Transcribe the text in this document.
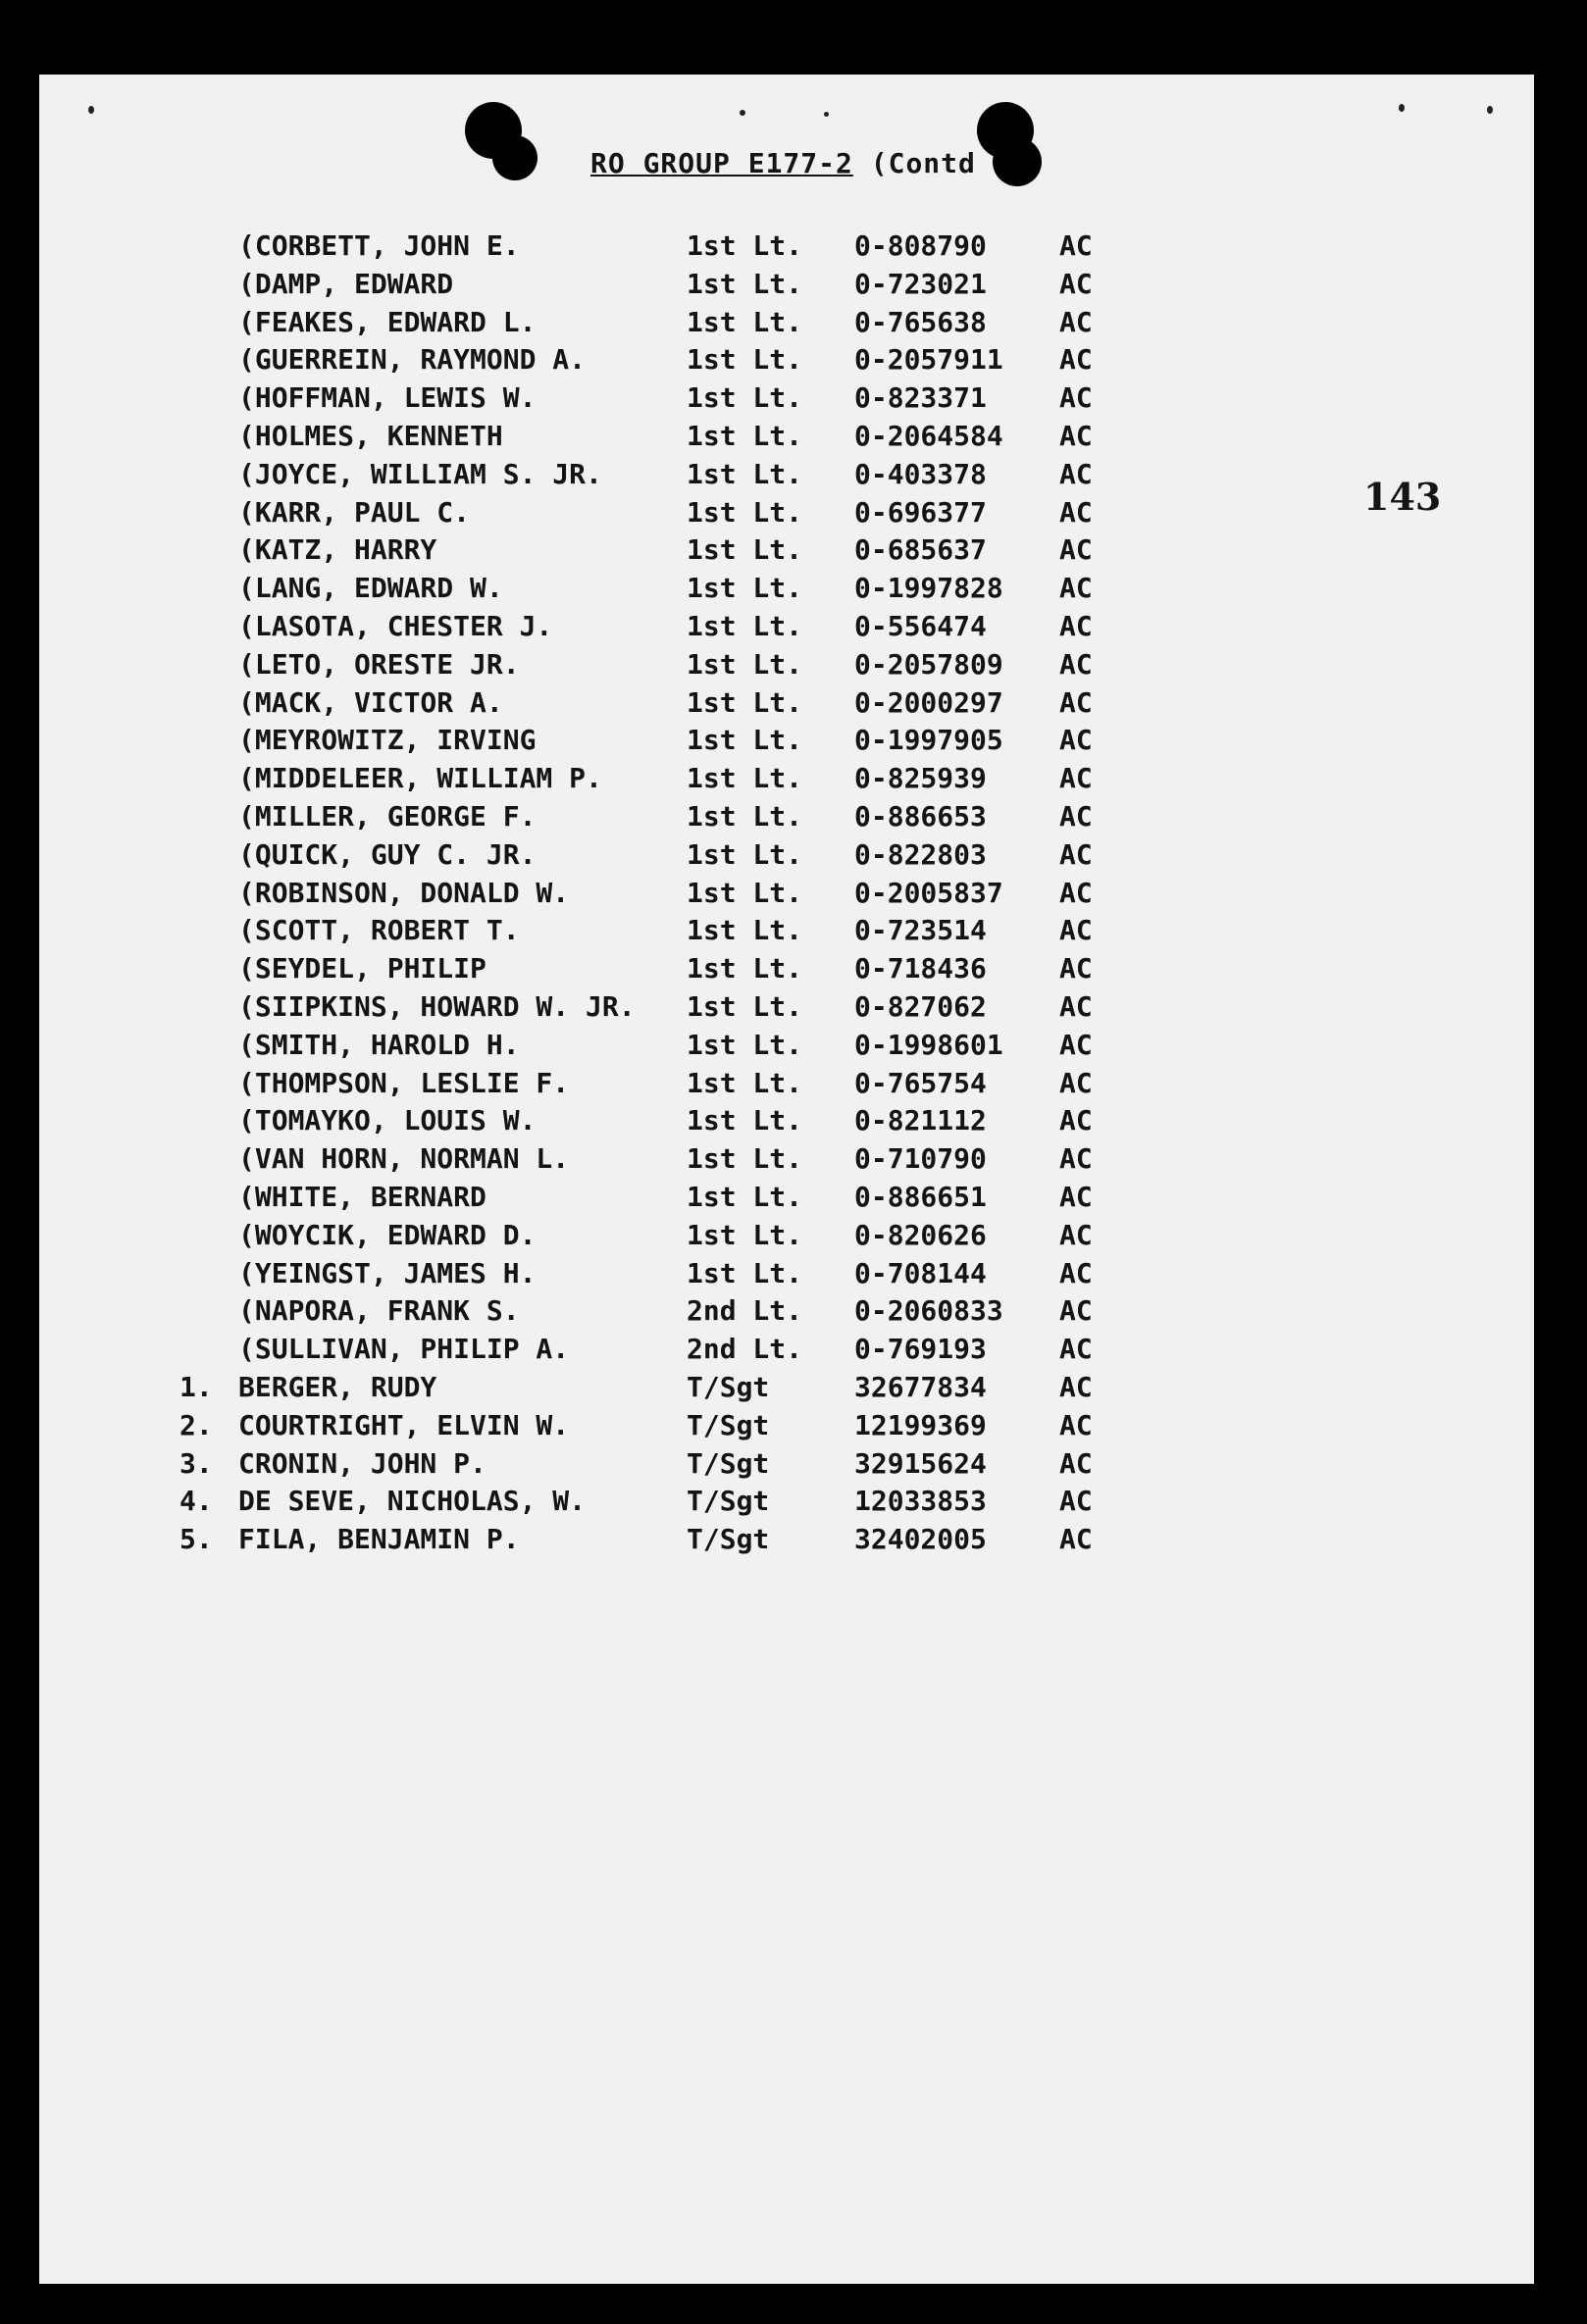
RO GROUP E177-2 (Contd
143
(CORBETT, JOHN E.	1st Lt. 0-808790	AC
(DAMP, EDWARD	1st Lt. 0-723021	AC
(FEAKES, EDWARD L.	1st Lt. 0-765638	AC
(GUERREIN, RAYMOND A.	1st Lt. 0-2057911 AC
(HOFFMAN, LEWIS W.	1st Lt. 0-823371	AC
(HOLMES, KENNETH	1st Lt. 0-2064584 AC
(JOYCE, WILLIAM S. JR.	1st Lt. 0-403378	AC
(KARR, PAUL C.	1st Lt. 0-696377	AC
(KATZ, HARRY	1st Lt. 0-685637	AC
(LANG, EDWARD W.	1st Lt. 0-1997828 AC
(LASOTA, CHESTER J.	1st Lt. 0-556474	AC
(LETO, ORESTE JR.	1st Lt. 0-2057809 AC
(MACK, VICTOR A.	1st Lt. 0-2000297 AC
(MEYROWITZ, IRVING	1st Lt. 0-1997905 AC
(MIDDELEER, WILLIAM P.	1st Lt. 0-825939	AC
(MILLER, GEORGE F.	1st Lt. 0-886653	AC
(QUICK, GUY C. JR.	1st Lt. 0-822803	AC
(ROBINSON, DONALD W.	1st Lt. 0-2005837 AC
(SCOTT, ROBERT T.	1st Lt. 0-723514	AC
(SEYDEL, PHILIP	1st Lt. 0-718436	AC
(SIIPKINS, HOWARD W. JR. 1st Lt. 0-827062	AC
(SMITH, HAROLD H.	1st Lt. 0-1998601 AC
(THOMPSON, LESLIE F.	1st Lt. 0-765754	AC
(TOMAYKO, LOUIS W.	1st Lt. 0-821112	AC
(VAN HORN, NORMAN L.	1st Lt. 0-710790	AC
(WHITE, BERNARD	1st Lt. 0-886651	AC
(WOYCIK, EDWARD D.	1st Lt. 0-820626	AC
(YEINGST, JAMES H.	1st Lt. 0-708144	AC
(NAPORA, FRANK S.	2nd Lt. 0-2060833 AC
(SULLIVAN, PHILIP A.	2nd Lt. 0-769193	AC
1. BERGER, RUDY	T/Sgt	32677834	AC
2. COURTRIGHT, ELVIN W.	T/Sgt	12199369	AC
3. CRONIN, JOHN P.	T/Sgt	32915624	AC
4. DE SEVE, NICHOLAS, W.	T/Sgt	12033853	AC
5. FILA, BENJAMIN P.	T/Sgt	32402005	AC
